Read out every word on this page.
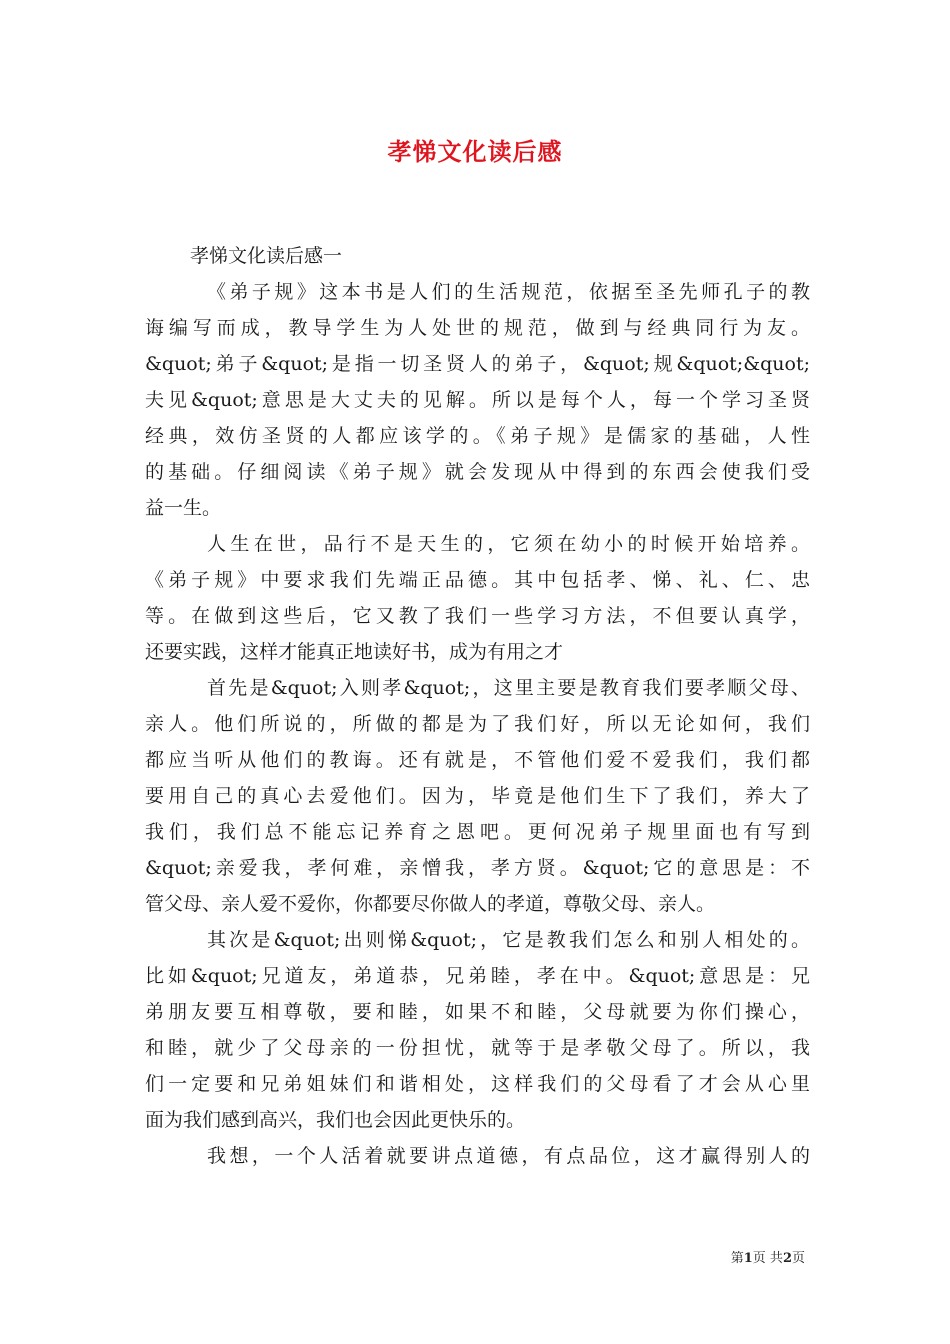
孝悌文化读后感
孝悌文化读后感一
《弟子规》这本书是人们的生活规范，依据至圣先师孔子的教
诲编写而成，教导学生为人处世的规范，做到与经典同行为友。
&quot;弟子&quot;是指一切圣贤人的弟子，&quot;规&quot;&quot;
夫见&quot;意思是大丈夫的见解。所以是每个人，每一个学习圣贤
经典，效仿圣贤的人都应该学的。《弟子规》是儒家的基础，人性
的基础。仔细阅读《弟子规》就会发现从中得到的东西会使我们受
益一生。
人生在世，品行不是天生的，它须在幼小的时候开始培养。
《弟子规》中要求我们先端正品德。其中包括孝、悌、礼、仁、忠
等。在做到这些后，它又教了我们一些学习方法，不但要认真学，
还要实践，这样才能真正地读好书，成为有用之才
首先是&quot;入则孝&quot;，这里主要是教育我们要孝顺父母、
亲人。他们所说的，所做的都是为了我们好，所以无论如何，我们
都应当听从他们的教诲。还有就是，不管他们爱不爱我们，我们都
要用自己的真心去爱他们。因为，毕竟是他们生下了我们，养大了
我们，我们总不能忘记养育之恩吧。更何况弟子规里面也有写到
&quot;亲爱我，孝何难，亲憎我，孝方贤。&quot;它的意思是：不
管父母、亲人爱不爱你，你都要尽你做人的孝道，尊敬父母、亲人。
其次是&quot;出则悌&quot;，它是教我们怎么和别人相处的。
比如&quot;兄道友，弟道恭，兄弟睦，孝在中。&quot;意思是：兄
弟朋友要互相尊敬，要和睦，如果不和睦，父母就要为你们操心，
和睦，就少了父母亲的一份担忧，就等于是孝敬父母了。所以，我
们一定要和兄弟姐妹们和谐相处，这样我们的父母看了才会从心里
面为我们感到高兴，我们也会因此更快乐的。
我想，一个人活着就要讲点道德，有点品位，这才赢得别人的
第1页 共2页
